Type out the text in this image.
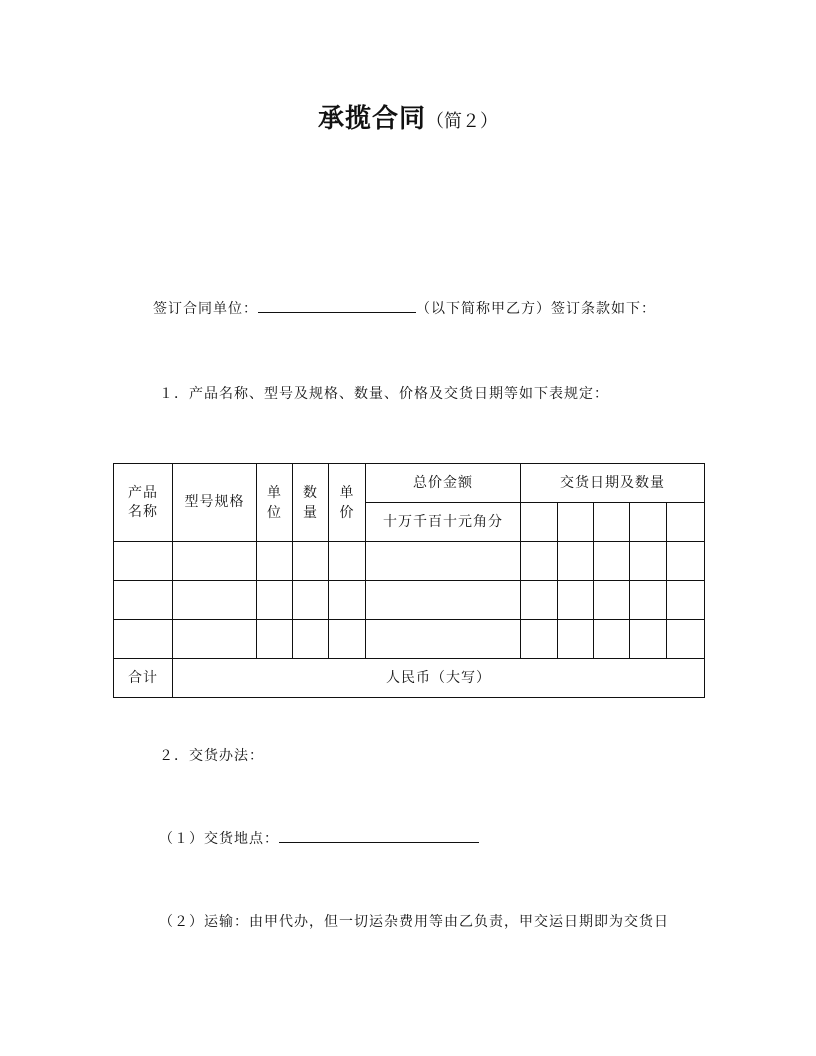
承揽合同（简２）
签订合同单位：	（以下简称甲乙方）签订条款如下：
１．产品名称、型号及规格、数量、价格及交货日期等如下表规定：
产品
名称	型号规格	单位	数量	单价	总价金额	交货日期及数量				
					十万千百十元角分					

合计	人民币（大写）									
２．交货办法：
（１）交货地点：
（２）运输：由甲代办，但一切运杂费用等由乙负责，甲交运日期即为交货日
